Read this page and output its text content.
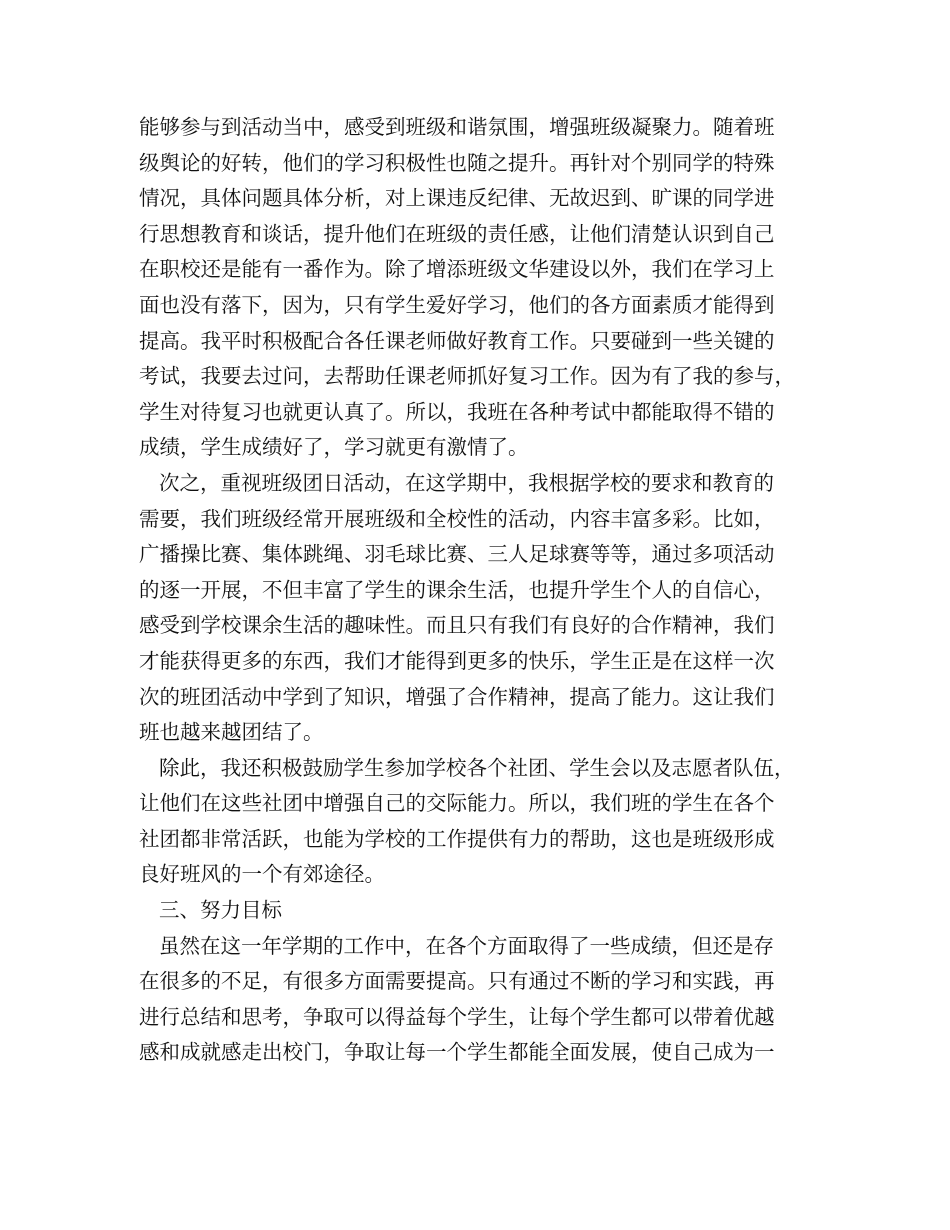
能够参与到活动当中，感受到班级和谐氛围，增强班级凝聚力。随着班
级舆论的好转，他们的学习积极性也随之提升。再针对个别同学的特殊
情况，具体问题具体分析，对上课违反纪律、无故迟到、旷课的同学进
行思想教育和谈话，提升他们在班级的责任感，让他们清楚认识到自己
在职校还是能有一番作为。除了增添班级文华建设以外，我们在学习上
面也没有落下，因为，只有学生爱好学习，他们的各方面素质才能得到
提高。我平时积极配合各任课老师做好教育工作。只要碰到一些关键的
考试，我要去过问，去帮助任课老师抓好复习工作。因为有了我的参与，
学生对待复习也就更认真了。所以，我班在各种考试中都能取得不错的
成绩，学生成绩好了，学习就更有激情了。
次之，重视班级团日活动，在这学期中，我根据学校的要求和教育的
需要，我们班级经常开展班级和全校性的活动，内容丰富多彩。比如，
广播操比赛、集体跳绳、羽毛球比赛、三人足球赛等等，通过多项活动
的逐一开展，不但丰富了学生的课余生活，也提升学生个人的自信心，
感受到学校课余生活的趣味性。而且只有我们有良好的合作精神，我们
才能获得更多的东西，我们才能得到更多的快乐，学生正是在这样一次
次的班团活动中学到了知识，增强了合作精神，提高了能力。这让我们
班也越来越团结了。
除此，我还积极鼓励学生参加学校各个社团、学生会以及志愿者队伍，
让他们在这些社团中增强自己的交际能力。所以，我们班的学生在各个
社团都非常活跃，也能为学校的工作提供有力的帮助，这也是班级形成
良好班风的一个有郊途径。
三、努力目标
虽然在这一年学期的工作中，在各个方面取得了一些成绩，但还是存
在很多的不足，有很多方面需要提高。只有通过不断的学习和实践，再
进行总结和思考，争取可以得益每个学生，让每个学生都可以带着优越
感和成就感走出校门，争取让每一个学生都能全面发展，使自己成为一
